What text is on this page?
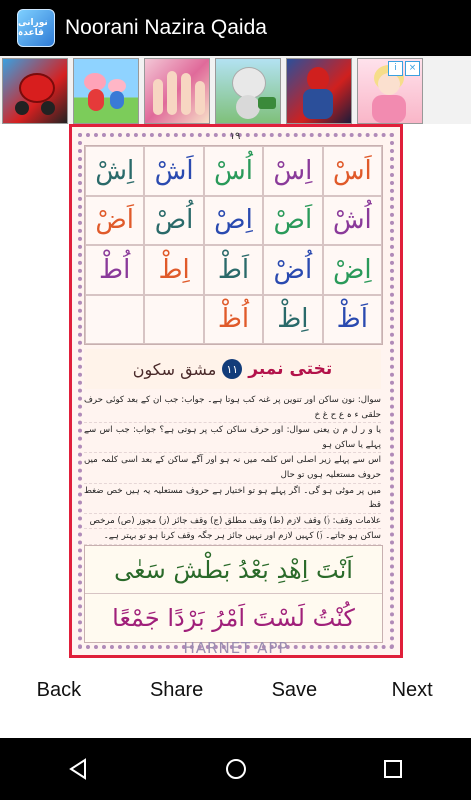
نورانی قاعدہ	Noorani Nazira Qaida
i	×
١٩
اِشْ اَشْ اُسْ اِسْ اَسْ
اَضْ اُصْ اِصْ اَصْ اُشْ
اُطْ	اِطْ	اَطْ اُضْ اِضْ
اُظْ	اِظْ	اَظْ
مشق سکون ١١ تختی نمبر
سوال: نون ساکن اور تنوین پر غنہ کب ہوتا ہے۔ جواب: جب ان کے بعد کوئی حرف حلقی ء ہ ع ح غ خ
یا و ر ل م ن یعنی سوال: اور حرف ساکن کب پر ہوتی ہے؟ جواب: جب اس سے پہلے یا ساکن ہو
اس سے پہلے زیر اصلی اس کلمہ میں نہ ہو اور آگے ساکن کے بعد اسی کلمہ میں حروف مستعلیہ ہوں تو حال
میں پر موٹی ہو گی۔ اگر پہلے ہو تو اختیار ہے حروف مستعلیہ یہ ہیں خص ضغط قظ
علامات وقف: (ۘ) وقف لازم (ط) وقف مطلق (ج) وقف جائز (ز) مجوز (ص) مرخص
ساکن ہو جاتے۔ (ؔ) کہیں لازم اور نہیں جائز ہر جگہ وقف کرنا ہو تو بہتر ہے۔
اَنْتَ اِهْدِ بَعْدُ بَطْشَ سَعٰى
كُنْتُ لَسْتَ اَمْرُ بَرْدًا جَمْعًا
HARNET APP
Back	Share	Save	Next
